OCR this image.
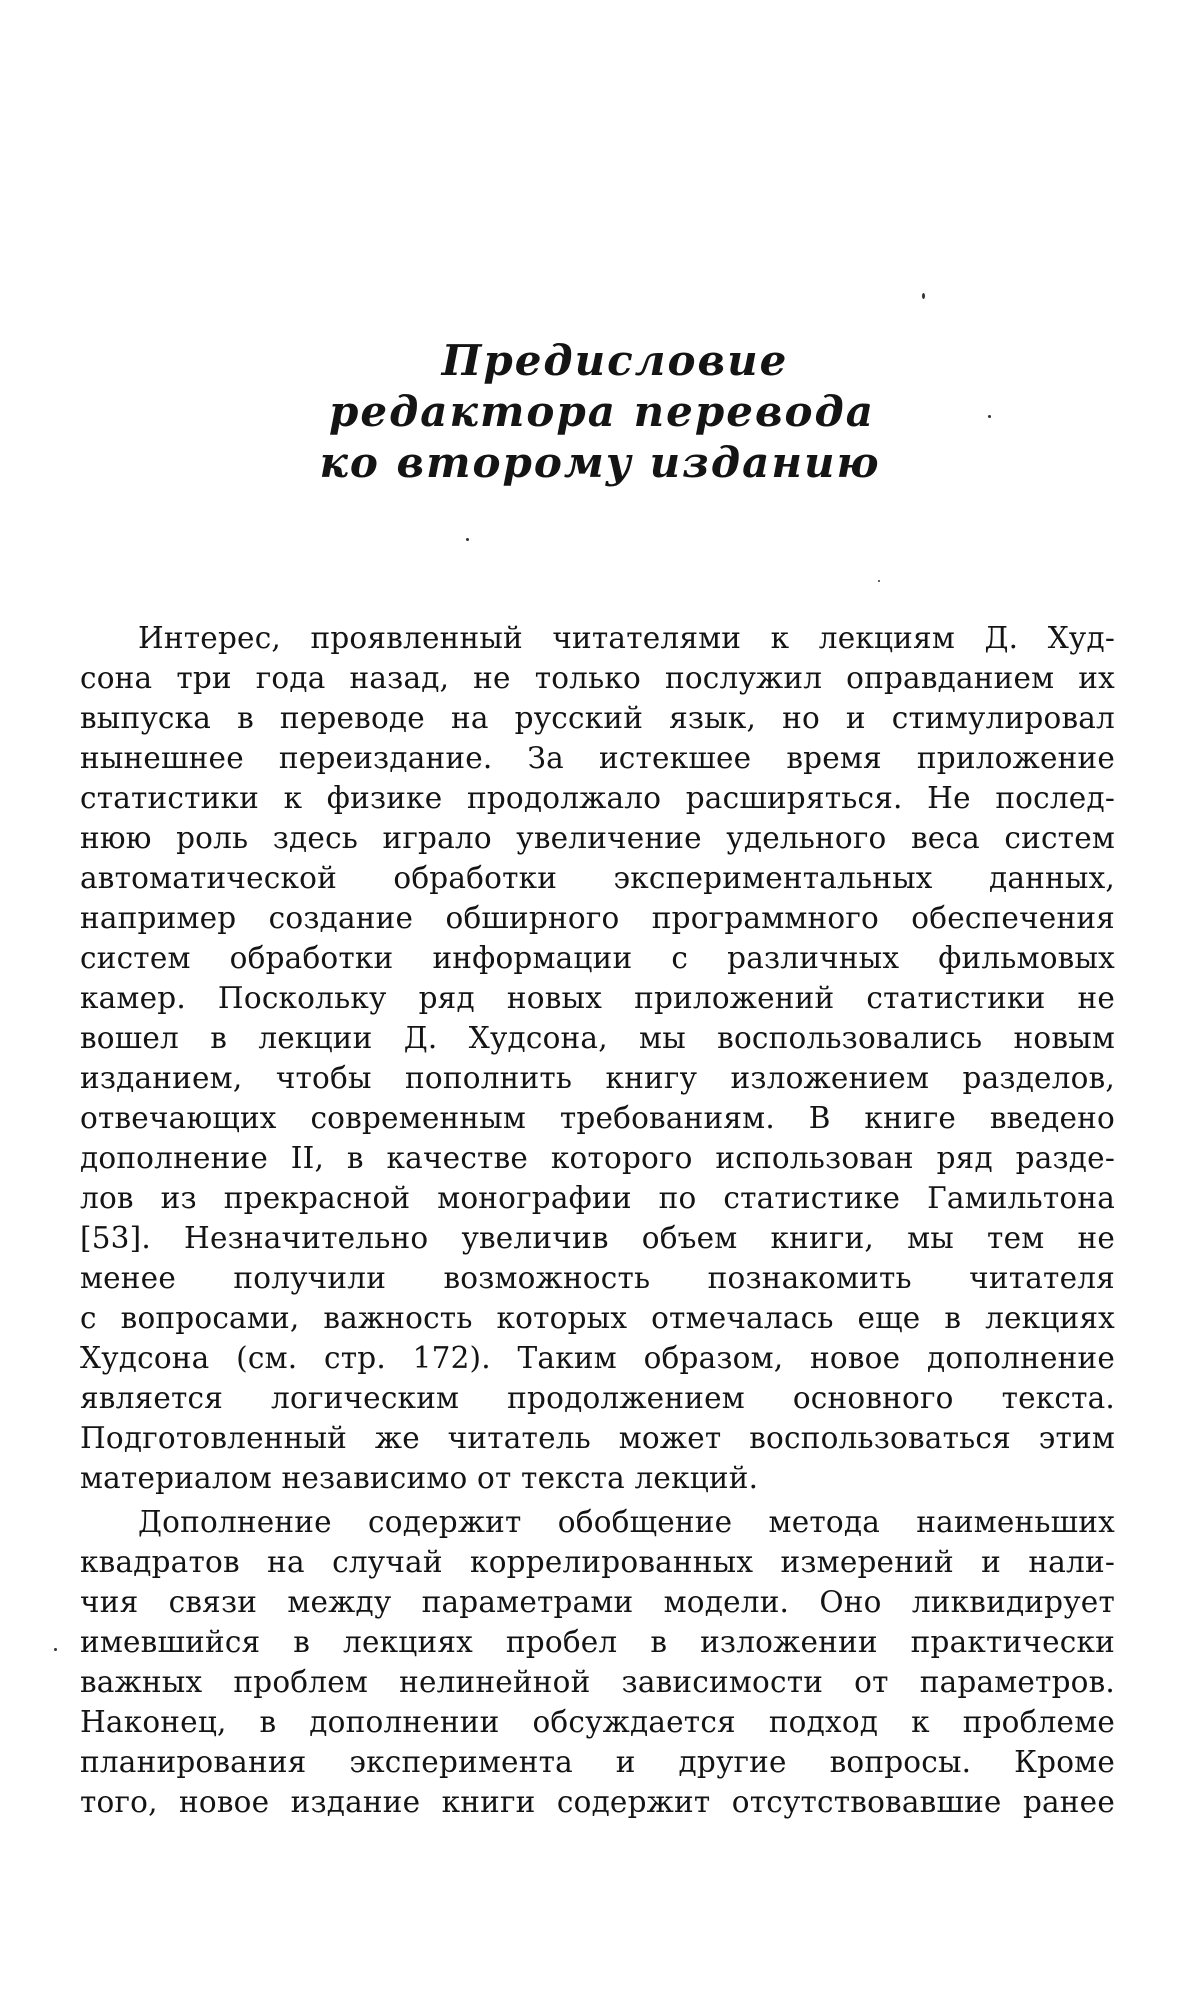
Предисловие
редактора перевода
ко второму изданию
Интерес, проявленный читателями к лекциям Д. Худ-
сона три года назад, не только послужил оправданием их
выпуска в переводе на русский язык, но и стимулировал
нынешнее переиздание. За истекшее время приложение
статистики к физике продолжало расширяться. Не послед-
нюю роль здесь играло увеличение удельного веса систем
автоматической обработки экспериментальных данных,
например создание обширного программного обеспечения
систем обработки информации с различных фильмовых
камер. Поскольку ряд новых приложений статистики не
вошел в лекции Д. Худсона, мы воспользовались новым
изданием, чтобы пополнить книгу изложением разделов,
отвечающих современным требованиям. В книге введено
дополнение II, в качестве которого использован ряд разде-
лов из прекрасной монографии по статистике Гамильтона
[53]. Незначительно увеличив объем книги, мы тем не
менее получили возможность познакомить читателя
с вопросами, важность которых отмечалась еще в лекциях
Худсона (см. стр. 172). Таким образом, новое дополнение
является логическим продолжением основного текста.
Подготовленный же читатель может воспользоваться этим
материалом независимо от текста лекций.
Дополнение содержит обобщение метода наименьших
квадратов на случай коррелированных измерений и нали-
чия связи между параметрами модели. Оно ликвидирует
имевшийся в лекциях пробел в изложении практически
важных проблем нелинейной зависимости от параметров.
Наконец, в дополнении обсуждается подход к проблеме
планирования эксперимента и другие вопросы. Кроме
того, новое издание книги содержит отсутствовавшие ранее
